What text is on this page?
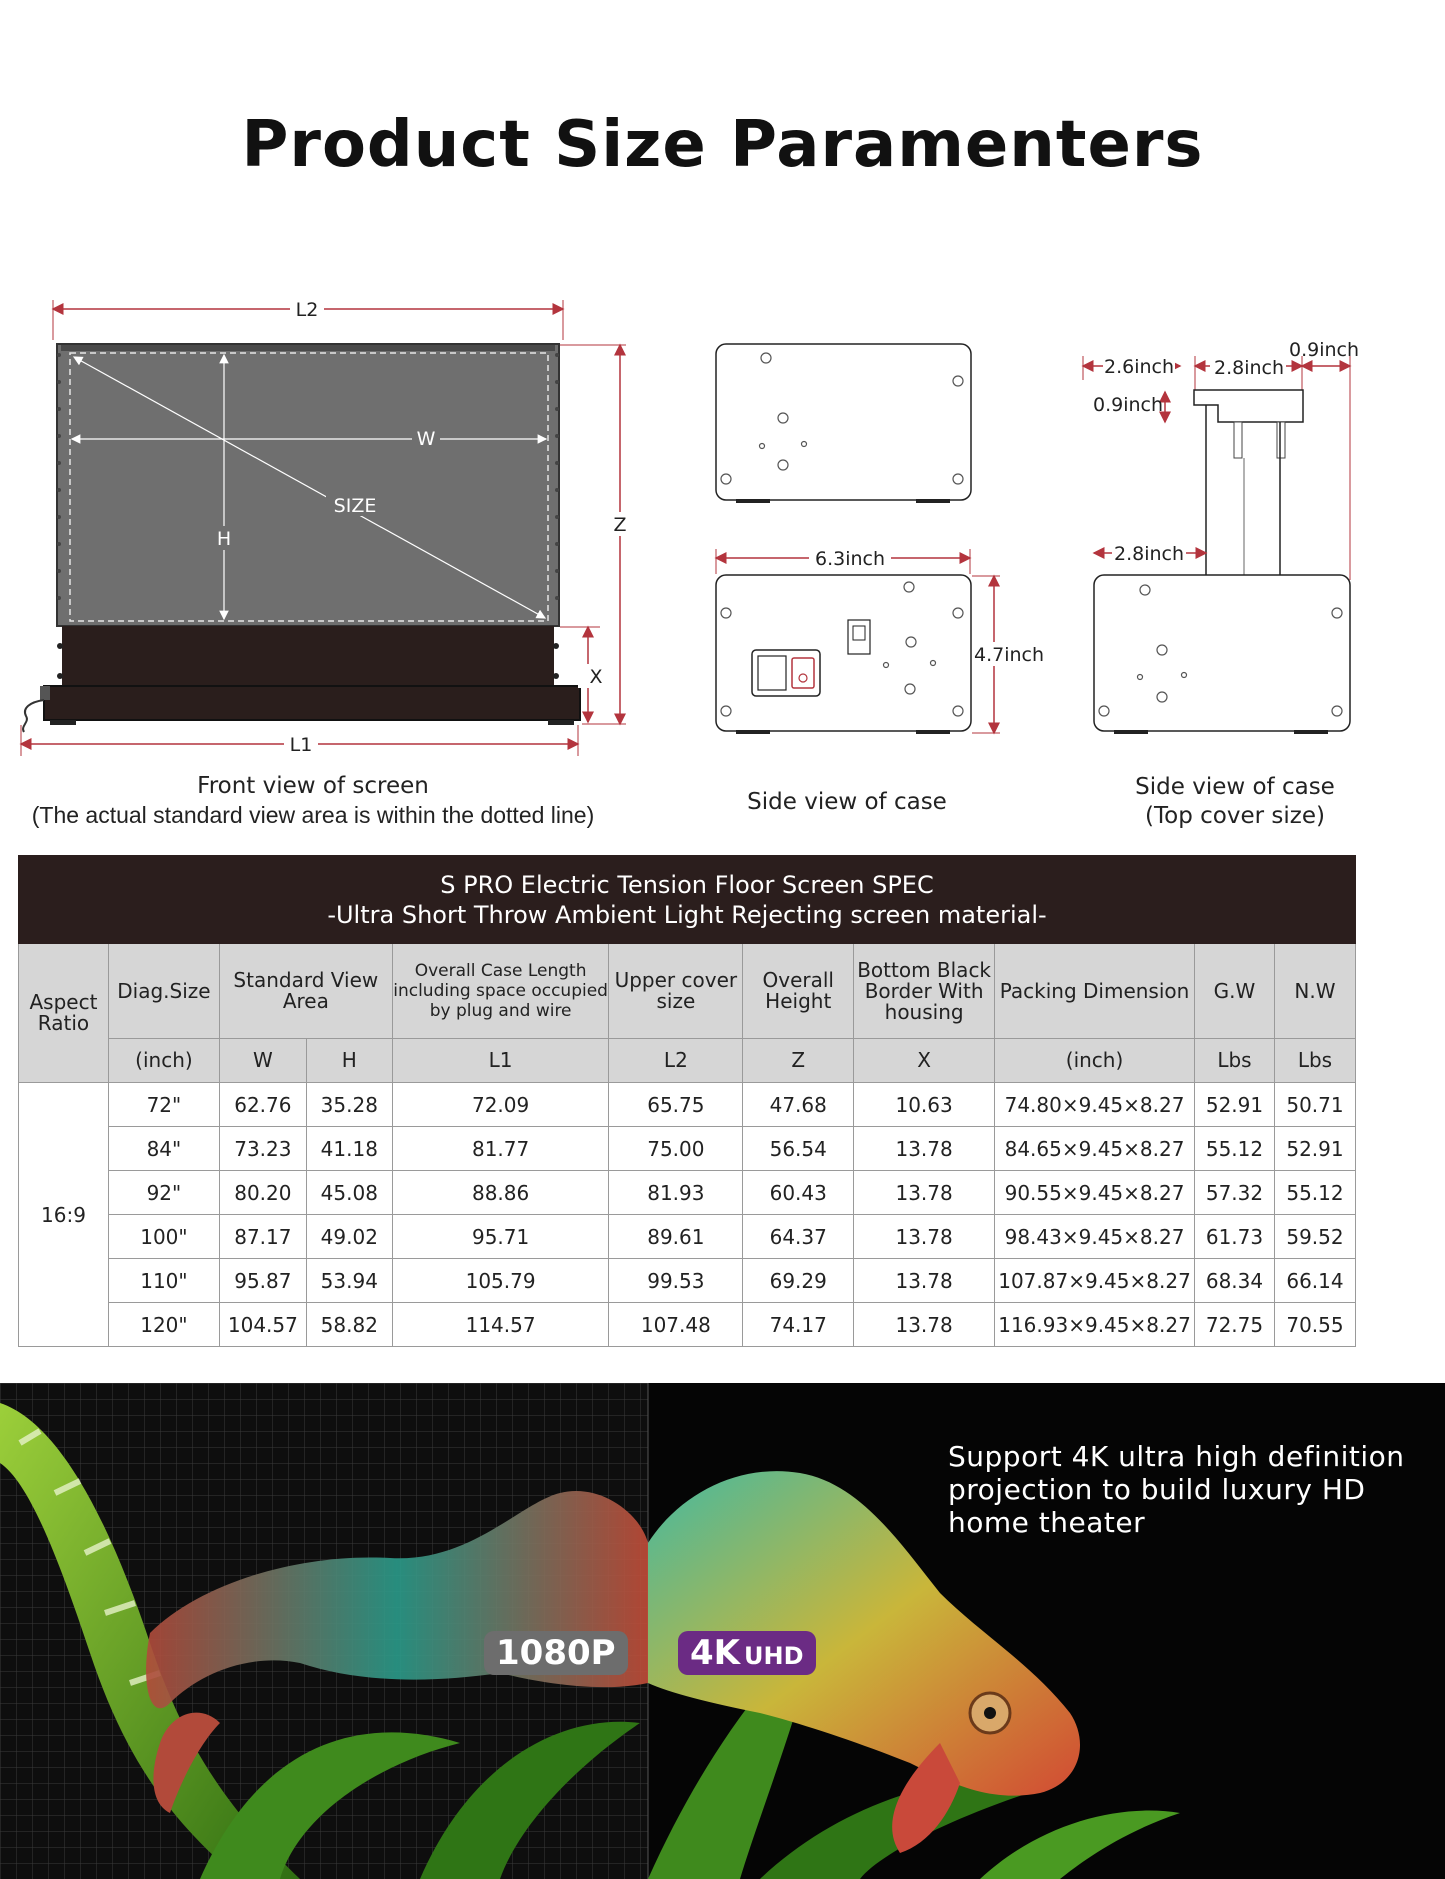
Product Size Paramenters
L2
W
H
SIZE
Z
X
L1
6.3inch
4.7inch
2.6inch 2.8inch
0.9inch
0.9inch
2.8inch
Front view of screen
(The actual standard view area is within the dotted line)	Side view of case
Side view of case
(Top cover size)
S PRO Electric Tension Floor Screen SPEC
-Ultra Short Throw Ambient Light Rejecting screen material-										

Aspect Ratio	Diag.Size	Standard View Area		Overall Case Length including space occupied by plug and wire	Upper cover size	Overall Height	Bottom Black Border With housing	Packing Dimension	G.W	N.W
	(inch)	W	H	L1	L2	Z	X	(inch)	Lbs	Lbs
16:9	72"	62.76	35.28	72.09	65.75	47.68	10.63	74.80×9.45×8.27	52.91	50.71
	84"	73.23	41.18	81.77	75.00	56.54	13.78	84.65×9.45×8.27	55.12	52.91
	92"	80.20	45.08	88.86	81.93	60.43	13.78	90.55×9.45×8.27	57.32	55.12
	100"	87.17	49.02	95.71	89.61	64.37	13.78	98.43×9.45×8.27	61.73	59.52
	110"	95.87	53.94	105.79	99.53	69.29	13.78	107.87×9.45×8.27	68.34	66.14
	120"	104.57	58.82	114.57	107.48	74.17	13.78	116.93×9.45×8.27	72.75	70.55
Support 4K ultra high definition projection to build luxury HD home theater
1080P	4K UHD
